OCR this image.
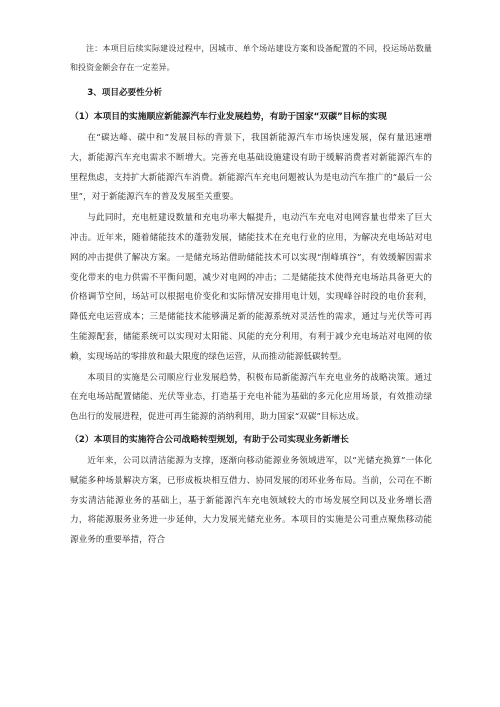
注：本项目后续实际建设过程中，因城市、单个场站建设方案和设备配置的不同，投运场站数量和投资金额会存在一定差异。

3、项目必要性分析
（1）本项目的实施顺应新能源汽车行业发展趋势，有助于国家“双碳”目标的实现

在“碳达峰、碳中和”发展目标的背景下，我国新能源汽车市场快速发展，保有量迅速增大，新能源汽车充电需求不断增大。完善充电基础设施建设有助于缓解消费者对新能源汽车的里程焦虑，支持扩大新能源汽车消费。新能源汽车充电问题被认为是电动汽车推广的“最后一公里”，对于新能源汽车的普及发展至关重要。

与此同时，充电桩建设数量和充电功率大幅提升，电动汽车充电对电网容量也带来了巨大冲击。近年来，随着储能技术的蓬勃发展，储能技术在充电行业的应用，为解决充电场站对电网的冲击提供了解决方案。一是储充场站借助储能技术可以实现“削峰填谷”，有效缓解因需求变化带来的电力供需不平衡问题，减少对电网的冲击；二是储能技术使得充电场站具备更大的价格调节空间，场站可以根据电价变化和实际情况安排用电计划，实现峰谷时段的电价套利，降低充电运营成本；三是储能技术能够满足新的能源系统对灵活性的需求，通过与光伏等可再生能源配套，储能系统可以实现对太阳能、风能的充分利用，有利于减少充电场站对电网的依赖，实现场站的零排放和最大限度的绿色运营，从而推动能源低碳转型。

本项目的实施是公司顺应行业发展趋势，积极布局新能源汽车充电业务的战略决策。通过在充电场站配置储能、光伏等业态，打造基于充电补能为基础的多元化应用场景，有效推动绿色出行的发展进程，促进可再生能源的消纳利用，助力国家“双碳”目标达成。

（2）本项目的实施符合公司战略转型规划，有助于公司实现业务新增长

近年来，公司以清洁能源为支撑，逐渐向移动能源业务领域进军，以“光储充换算”一体化赋能多种场景解决方案，已形成板块相互借力、协同发展的闭环业务布局。当前，公司在不断夯实清洁能源业务的基础上，基于新能源汽车充电领域较大的市场发展空间以及业务增长潜力，将能源服务业务进一步延伸，大力发展光储充业务。本项目的实施是公司重点聚焦移动能源业务的重要举措，符合
